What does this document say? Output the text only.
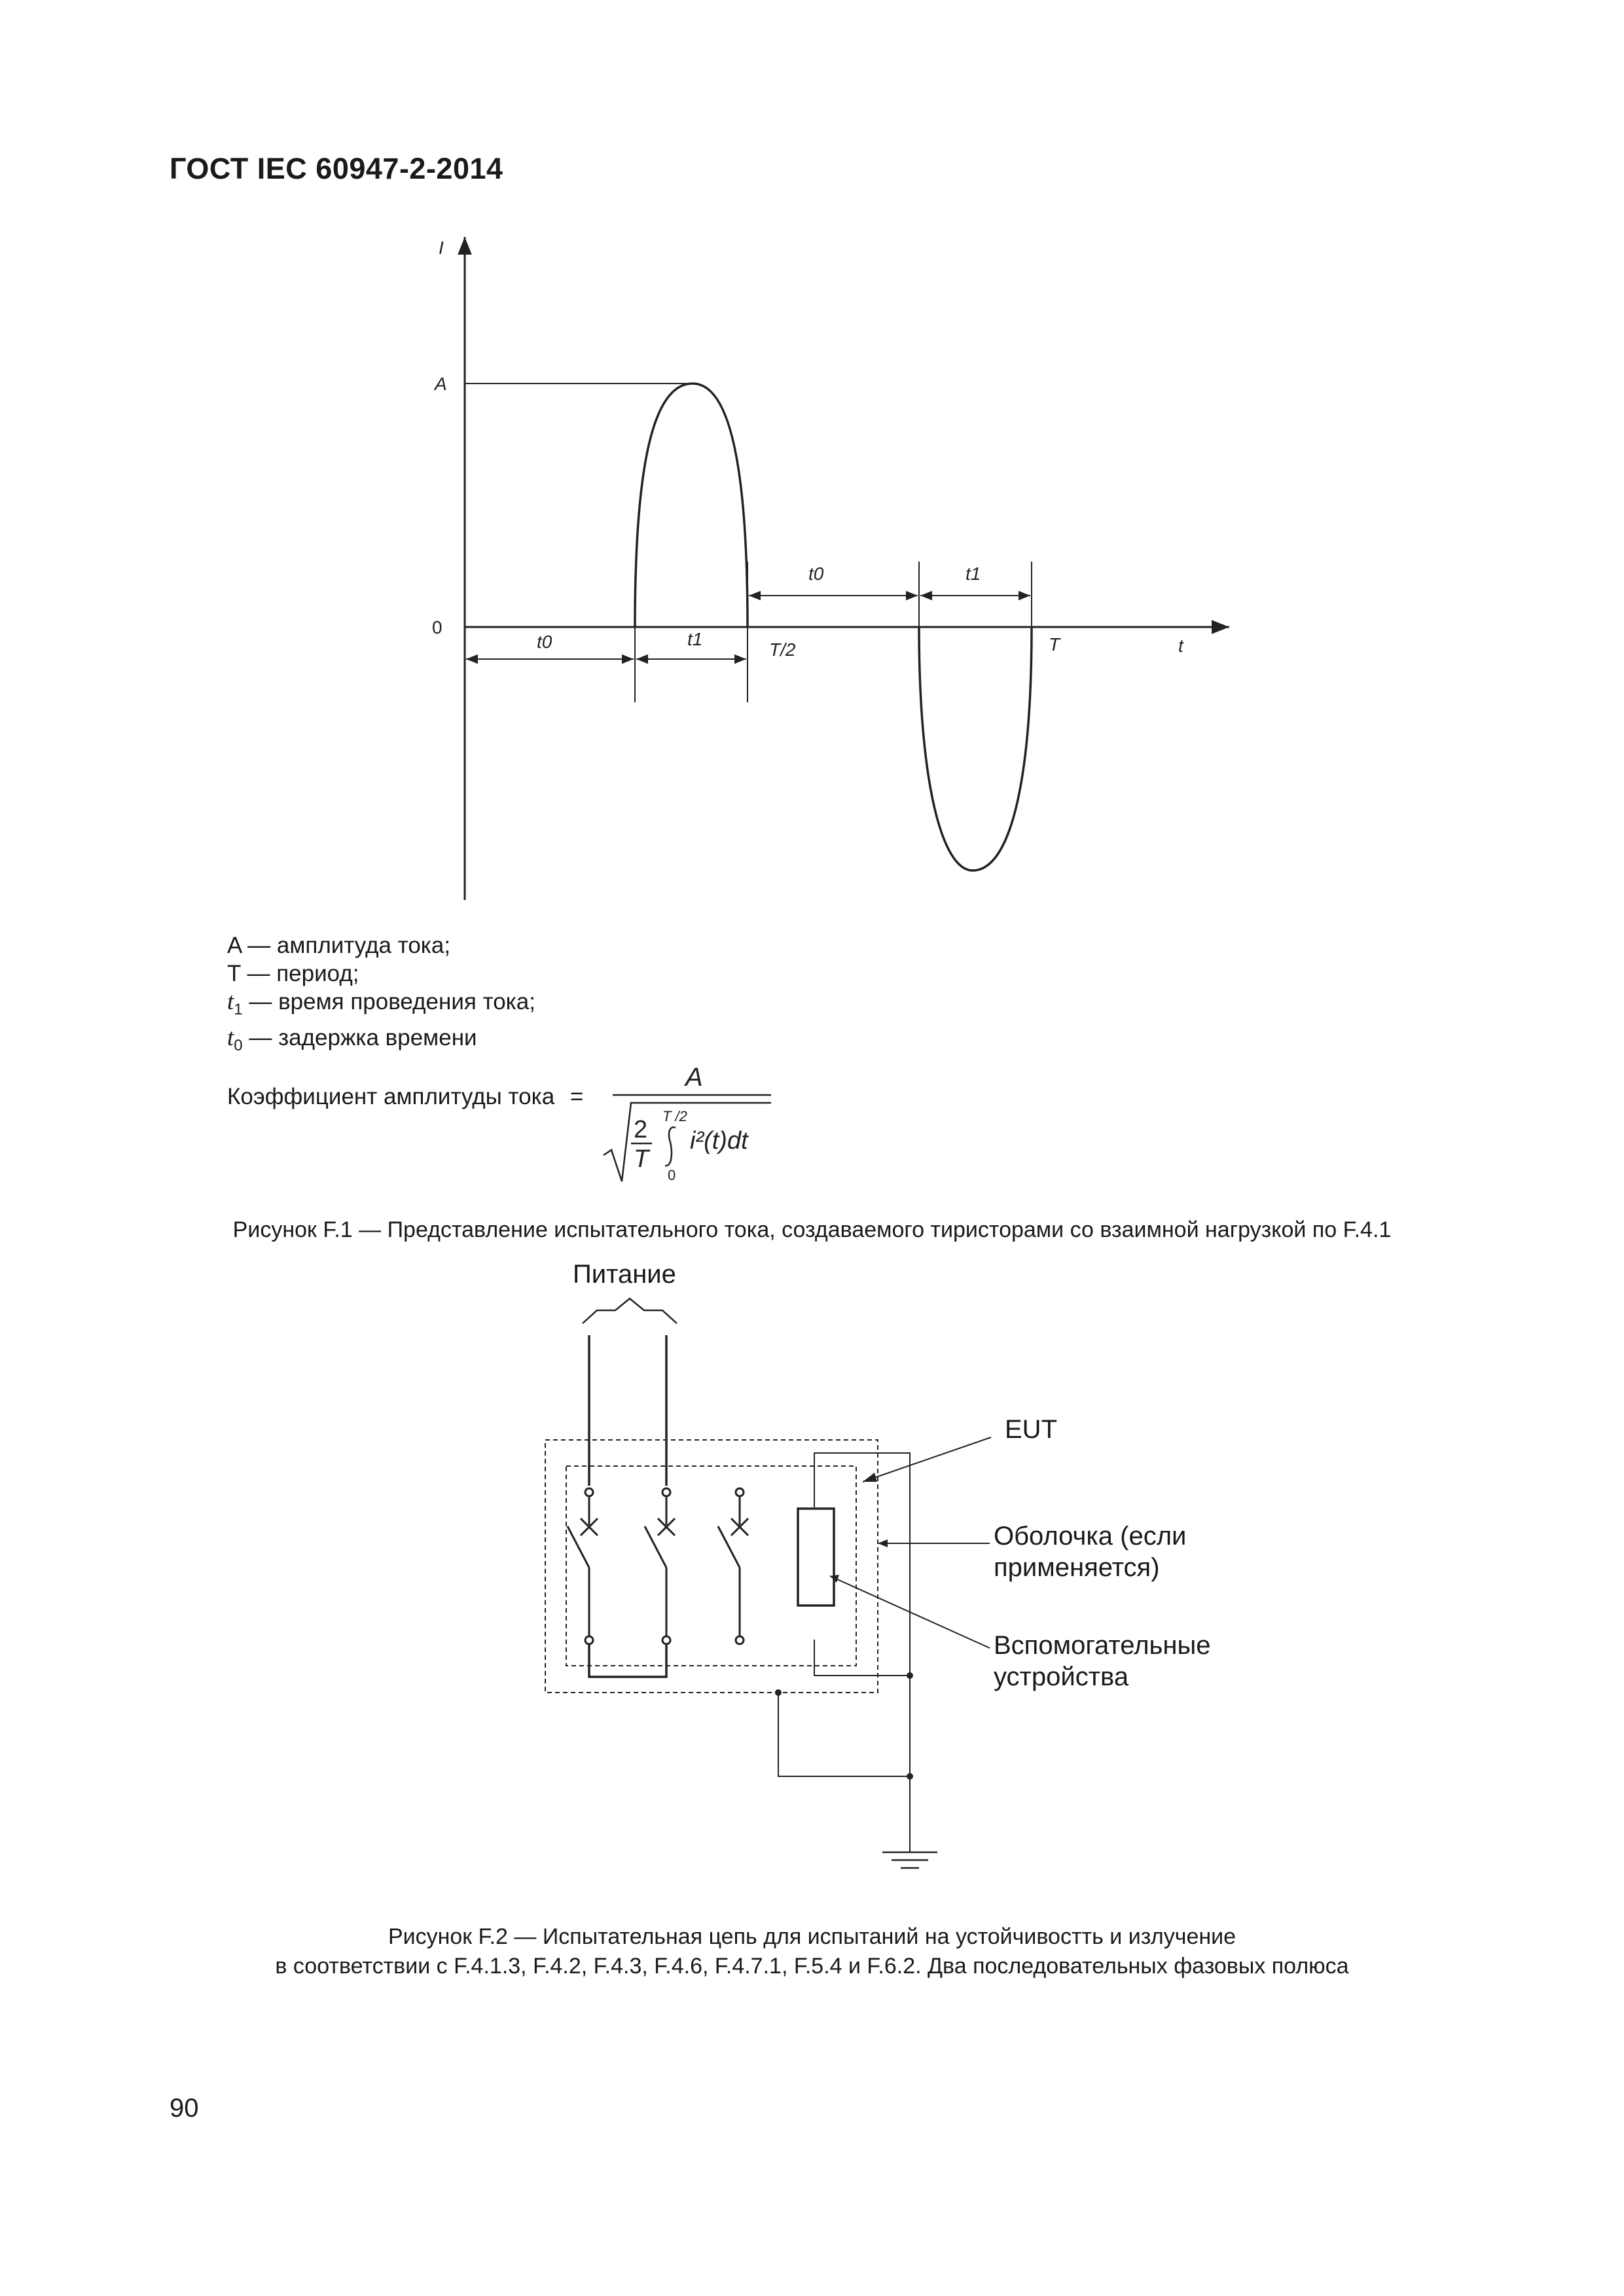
ГОСТ IEC 60947-2-2014
I
t
0
A
t0	t1
T/2	T
t0	t1
A — амплитуда тока;
T — период;
$t_1$ — время проведения тока;
$t_0$ — задержка времени
Коэффициент амплитуды тока =
A
2
T
T /2
0
i²(t)dt
Рисунок F.1 — Представление испытательного тока, создаваемого тиристорами со взаимной нагрузкой по F.4.1
Питание
EUT
Оболочка (если
применяется)
Вспомогательные
устройства
Рисунок F.2 — Испытательная цепь для испытаний на устойчивостть и излучение
в соответствии с F.4.1.3, F.4.2, F.4.3, F.4.6, F.4.7.1, F.5.4 и F.6.2. Два последовательных фазовых полюса
90
